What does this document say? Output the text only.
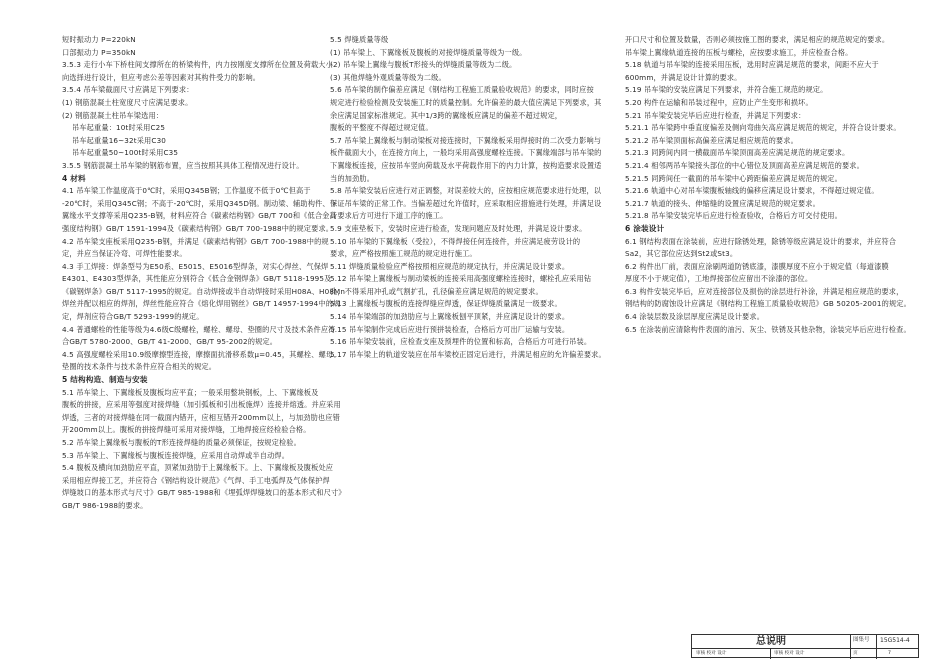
短时振动力 P=220kN
口部振动力 P=350kN
3.5.3 走行小车下桥柱间支撑所在的桥梁构件，内力按刚度支撑所在位置及荷载大小
向选择进行设计，但应考虑公差等因素对其构件受力的影响。
3.5.4 吊车梁截面尺寸应满足下列要求：
(1) 钢筋混凝土柱宽度尺寸应满足要求。
(2) 钢筋混凝土柱吊车梁选用：
吊车起重量：10t时采用C25
吊车起重量16~32t采用C30
吊车起重量50~100t时采用C35
3.5.5 钢筋混凝土吊车梁的钢筋布置，应当按照其具体工程情况进行设计。
4 材料
4.1 吊车梁工作温度高于0℃时，采用Q345B钢；工作温度不低于0℃但高于
-20℃时，采用Q345C钢；不高于-20℃时，采用Q345D钢。制动梁、辅助构件、下
翼缘水平支撑等采用Q235-B钢，材料应符合《碳素结构钢》GB/T 700和《低合金高
强度结构钢》GB/T 1591-1994及《碳素结构钢》GB/T 700-1988中的规定要求。
4.2 吊车梁支座板采用Q235-B钢，并满足《碳素结构钢》GB/T 700-1988中的规
定，并应当保证冷弯、可焊性能要求。
4.3 手工焊接：焊条型号为E50系、E5015、E5016型焊条，对实心焊丝、气保焊
E4301、E4303型焊条，其性能应分别符合《低合金钢焊条》GB/T 5118-1995及
《碳钢焊条》GB/T 5117-1995的规定。自动焊接或半自动焊接时采用H08A、H08Mn
焊丝并配以相应的焊剂，焊丝性能应符合《熔化焊用钢丝》GB/T 14957-1994中的规
定，焊剂应符合GB/T 5293-1999的规定。
4.4 普通螺栓的性能等级为4.6级C级螺栓，螺栓、螺母、垫圈的尺寸及技术条件应符
合GB/T 5780-2000、GB/T 41-2000、GB/T 95-2002的规定。
4.5 高强度螺栓采用10.9级摩擦型连接，摩擦面抗滑移系数μ=0.45，其螺栓、螺母、
垫圈的技术条件与技术条件应符合相关的规定。
5 结构构造、制造与安装
5.1 吊车梁上、下翼缘板及腹板均应平直；一般采用整块钢板，上、下翼缘板及
腹板的拼接，应采用等强度对接焊缝（加引弧板和引出板施焊）连接并熔透。并应采用
焊透，三者的对接焊缝在同一截面内错开，应相互错开200mm以上，与加劲肋也应错
开200mm以上。腹板的拼接焊缝可采用对接焊缝，工地焊接应经检验合格。
5.2 吊车梁上翼缘板与腹板的T形连接焊缝的质量必须保证，按规定检验。
5.3 吊车梁上、下翼缘板与腹板连接焊缝，应采用自动焊或半自动焊。
5.4 腹板及横向加劲肋应平直，顶紧加劲肋于上翼缘板下。上、下翼缘板及腹板处应
采用相应焊接工艺，并应符合《钢结构设计规范》《气焊、手工电弧焊及气体保护焊
焊缝坡口的基本形式与尺寸》GB/T 985-1988和《埋弧焊焊缝坡口的基本形式和尺寸》
GB/T 986-1988的要求。
5.5 焊缝质量等级
(1) 吊车梁上、下翼缘板及腹板的对接焊缝质量等级为一级。
(2) 吊车梁上翼缘与腹板T形接头的焊缝质量等级为二级。
(3) 其他焊缝外观质量等级为二级。
5.6 吊车梁的制作偏差应满足《钢结构工程施工质量验收规范》的要求，同时应按
规定进行检验检测及安装施工时的质量控制。允许偏差的最大值应满足下列要求，其
余应满足国家标准规定。其中1/3跨的翼缘板应满足的偏差不超过规定，
腹板的平整度不得超过规定值。
5.7 吊车梁上翼缘板与制动梁板对接连接时，下翼缘板采用焊接时的二次受力影响与
板件截面大小，在连接方向上，一般均采用高强度螺栓连接。下翼缘端部与吊车梁的
下翼缘板连接，应按吊车竖向荷载及水平荷载作用下的内力计算，按构造要求设置适
当的加劲肋。
5.8 吊车梁安装后应进行对正调整，对误差较大的，应按相应规范要求进行处理，以
保证吊车梁的正常工作。当偏差超过允许值时，应采取相应措施进行处理，并满足设
计要求后方可进行下道工序的施工。
5.9 支座垫板下，安装时应进行检查，发现问题应及时处理，并满足设计要求。
5.10 吊车梁的下翼缘板（受拉），不得焊接任何连接件，并应满足疲劳设计的
要求，应严格按照施工规范的规定进行施工。
5.11 焊缝质量检验应严格按照相应规范的规定执行，并应满足设计要求。
5.12 吊车梁上翼缘板与制动梁板的连接采用高强度螺栓连接时，螺栓孔应采用钻
孔，不得采用冲孔或气割扩孔，孔径偏差应满足规范的规定要求。
5.13 上翼缘板与腹板的连接焊缝应焊透，保证焊缝质量满足一级要求。
5.14 吊车梁端部的加劲肋应与上翼缘板刨平顶紧，并应满足设计的要求。
5.15 吊车梁制作完成后应进行预拼装检查，合格后方可出厂运输与安装。
5.16 吊车梁安装前，应检查支座及预埋件的位置和标高，合格后方可进行吊装。
5.17 吊车梁上的轨道安装应在吊车梁校正固定后进行，并满足相应的允许偏差要求。
开口尺寸和位置及数量，否则必须按施工图的要求，满足相应的规范规定的要求。
吊车梁上翼缘轨道连接的压板与螺栓，应按要求施工，并应检查合格。
5.18 轨道与吊车梁的连接采用压板，选用时应满足规范的要求，间距不应大于
600mm，并满足设计计算的要求。
5.19 吊车梁的安装应满足下列要求，并符合施工规范的规定。
5.20 构件在运输和吊装过程中，应防止产生变形和损坏。
5.21 吊车梁安装完毕后应进行检查，并满足下列要求：
5.21.1 吊车梁跨中垂直度偏差及侧向弯曲矢高应满足规范的规定，并符合设计要求。
5.21.2 吊车梁顶面标高偏差应满足相应规范的要求。
5.21.3 同跨间内同一横截面吊车梁顶面高差应满足规范的规定要求。
5.21.4 相邻两吊车梁接头部位的中心错位及顶面高差应满足规范的要求。
5.21.5 同跨间任一截面的吊车梁中心跨距偏差应满足规范的规定。
5.21.6 轨道中心对吊车梁腹板轴线的偏移应满足设计要求，不得超过规定值。
5.21.7 轨道的接头、伸缩缝的设置应满足规范的规定要求。
5.21.8 吊车梁安装完毕后应进行检查验收，合格后方可交付使用。
6 涂装设计
6.1 钢结构表面在涂装前，应进行除锈处理，除锈等级应满足设计的要求，并应符合
Sa2，其它部位应达到St2或St3。
6.2 构件出厂前，表面应涂刷两道防锈底漆，漆膜厚度不应小于规定值（每道漆膜
厚度不小于规定值），工地焊接部位应留出不涂漆的部位。
6.3 构件安装完毕后，应对连接部位及损伤的涂层进行补涂，并满足相应规范的要求，
钢结构的防腐蚀设计应满足《钢结构工程施工质量验收规范》GB 50205-2001的规定。
6.4 涂装层数及涂层厚度应满足设计要求。
6.5 在涂装前应清除构件表面的油污、灰尘、铁锈及其他杂物，涂装完毕后应进行检查。
总说明	图集号 15G514-4
审核 校对 设计	审核 校对 设计	页	7
